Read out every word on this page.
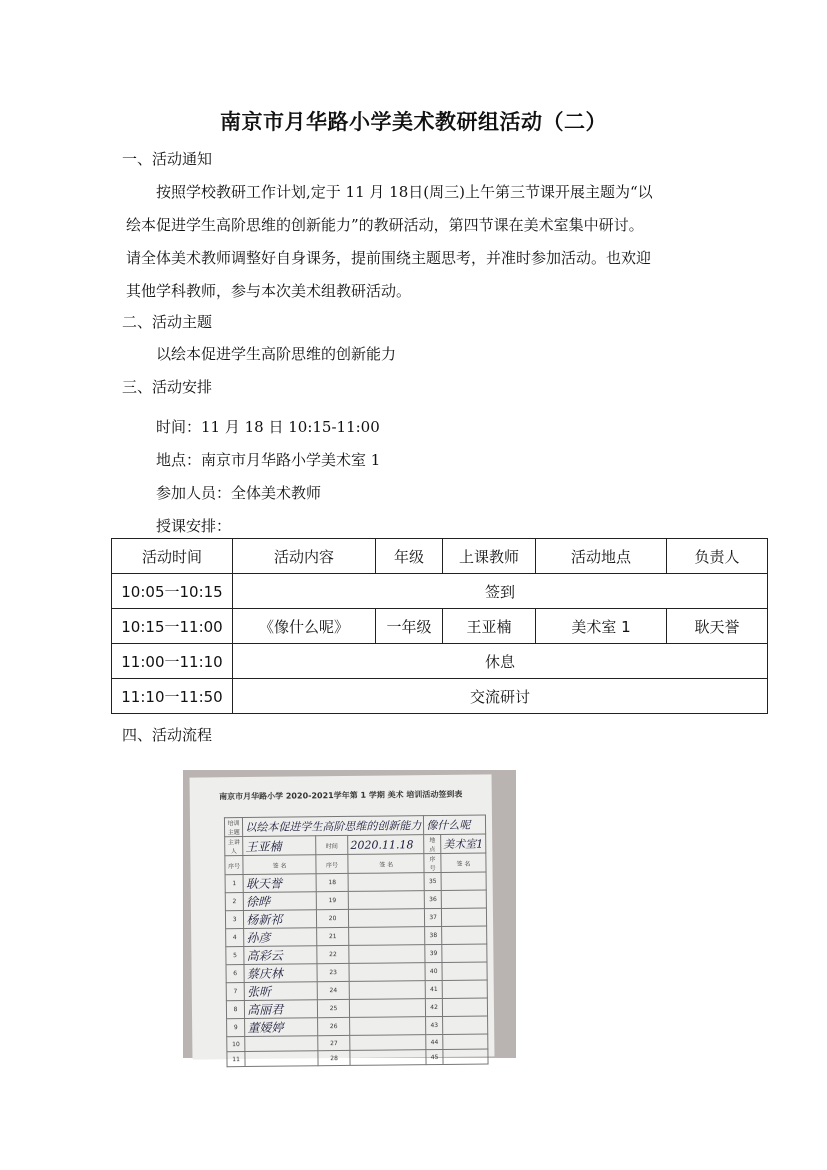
南京市月华路小学美术教研组活动（二）
一、活动通知
按照学校教研工作计划,定于 11 月 18日(周三)上午第三节课开展主题为“以
绘本促进学生高阶思维的创新能力”的教研活动，第四节课在美术室集中研讨。
请全体美术教师调整好自身课务，提前围绕主题思考，并准时参加活动。也欢迎
其他学科教师，参与本次美术组教研活动。
二、活动主题
以绘本促进学生高阶思维的创新能力
三、活动安排
时间：11 月 18 日 10:15-11:00
地点：南京市月华路小学美术室 1
参加人员：全体美术教师
授课安排：
活动时间	活动内容	年级	上课教师	活动地点	负责人
10:05一10:15	签到				
10:15一11:00	《像什么呢》	一年级	王亚楠	美术室 1	耿天誉
11:00一11:10	休息				
11:10一11:50	交流研讨				
四、活动流程
南京市月华路小学 2020-2021学年第 1 学期 美术 培训活动签到表
培训主题	以绘本促进学生高阶思维的创新能力			像什么呢	
主讲人	王亚楠	时间	2020.11.18	地点	美术室1
序号	签 名	序号	签 名	序号	签 名
1	耿天誉	18		35	
2	徐晔	19		36	
3	杨新祁	20		37	
4	孙彦	21		38	
5	高彩云	22		39	
6	蔡庆林	23		40	
7	张昕	24		41	
8	高丽君	25		42	
9	董嫒婷	26		43	
10		27		44	
11		28		45	
